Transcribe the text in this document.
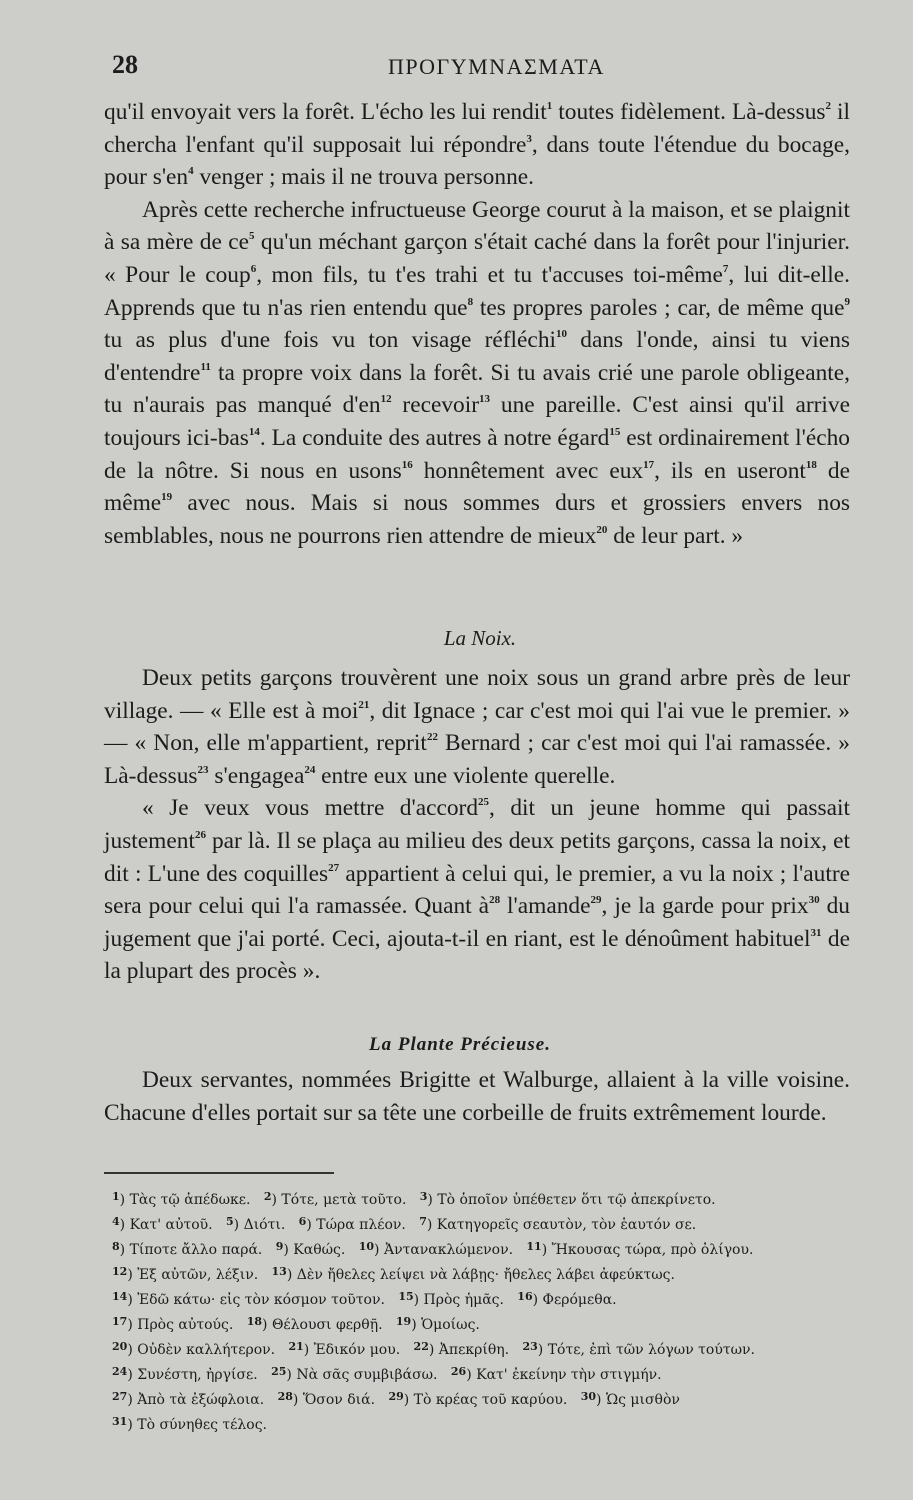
28	ΠΡΟΓΥΜΝΑΣΜΑΤΑ

qu'il envoyait vers la forêt. L'écho les lui rendit$^1$ toutes fidèlement. Là-dessus$^2$ il chercha l'enfant qu'il supposait lui répondre$^3$, dans toute l'étendue du bocage, pour $s'en^4$ venger ; mais il ne trouva personne.

Après cette recherche infructueuse George courut à la maison, et se plaignit à sa mère de $ce^5$ qu'un méchant garçon s'était caché dans la forêt pour l'injurier. « Pour le coup$^6$, mon fils, tu t'es trahi et tu t'accuses toi-même$^7$, lui dit-elle. Apprends que tu n'as rien entendu que$^8$ tes propres paroles ; car, de même que$^9$ tu as plus d'une fois vu ton visage réfléchi$^{10}$ dans l'onde, ainsi tu viens d'entendre$^{11}$ ta propre voix dans la forêt. Si tu avais crié une parole obligeante, tu n'aurais pas manqué $d'en^{12}$ recevoir$^{13}$ une pareille. C'est ainsi qu'il arrive toujours ici-bas$^{14}$. La conduite des autres à notre égard$^{15}$ est ordinairement l'écho de la nôtre. Si nous en usons$^{16}$ honnêtement avec eux$^{17}$, ils en useront$^{18}$ de même$^{19}$ avec nous. Mais si nous sommes durs et grossiers envers nos semblables, nous ne pourrons rien attendre de mieux$^{20}$ de leur part. »

La Noix.

Deux petits garçons trouvèrent une noix sous un grand arbre près de leur village. — « Elle est à moi$^{21}$, dit Ignace ; car c'est moi qui l'ai vue le premier. » — « Non, elle m'appartient, reprit$^{22}$ Bernard ; car c'est moi qui l'ai ramassée. » Là-dessus$^{23}$ s'engagea$^{24}$ entre eux une violente querelle.

« Je veux vous mettre d'accord$^{25}$, dit un jeune homme qui passait justement$^{26}$ par là. Il se plaça au milieu des deux petits garçons, cassa la noix, et dit : L'une des coquilles$^{27}$ appartient à celui qui, le premier, a vu la noix ; l'autre sera pour celui qui l'a ramassée. Quant $à^{28}$ l'amande$^{29}$, je la garde pour prix$^{30}$ du jugement que j'ai porté. Ceci, ajouta-t-il en riant, est le dénoûment habituel$^{31}$ de la plupart des procès ».

La Plante Précieuse.

Deux servantes, nommées Brigitte et Walburge, allaient à la ville voisine. Chacune d'elles portait sur sa tête une corbeille de fruits extrêmement lourde.

$^1$) Τὰς τῷ ἀπέδωκε. $^2$) Τότε, μετὰ τοῦτο. $^3$) Τὸ ὁποῖον ὑπέθετεν ὅτι τῷ ἀπεκρίνετο.
$^4$) Κατ' αὐτοῦ. $^5$) Διότι. $^6$) Τώρα πλέον. $^7$) Κατηγορεῖς σεαυτὸν, τὸν ἑαυτόν σε.
$^8$) Τίποτε ἄλλο παρά. $^9$) Καθώς. $^{10}$) Ἀντανακλώμενον. $^{11}$) Ἤκουσας τώρα, πρὸ ὀλίγου.
$^{12}$) Ἐξ αὐτῶν, λέξιν. $^{13}$) Δὲν ἤθελες λείψει νὰ λάβῃς· ἤθελες λάβει ἀφεύκτως.
$^{14}$) Ἐδῶ κάτω· εἰς τὸν κόσμον τοῦτον. $^{15}$) Πρὸς ἡμᾶς. $^{16}$) Φερόμεθα.
$^{17}$) Πρὸς αὐτούς. $^{18}$) Θέλουσι φερθῇ. $^{19}$) Ὁμοίως.
$^{20}$) Οὐδὲν καλλήτερον. $^{21}$) Ἐδικόν μου. $^{22}$) Ἀπεκρίθη. $^{23}$) Τότε, ἐπὶ τῶν λόγων τούτων.
$^{24}$) Συνέστη, ἠργίσε. $^{25}$) Νὰ σᾶς συμβιβάσω. $^{26}$) Κατ' ἐκείνην τὴν στιγμήν.
$^{27}$) Ἀπὸ τὰ ἐξώφλοια. $^{28}$) Ὅσον διά. $^{29}$) Τὸ κρέας τοῦ καρύου. $^{30}$) Ὡς μισθὸν
$^{31}$) Τὸ σύνηθες τέλος.
